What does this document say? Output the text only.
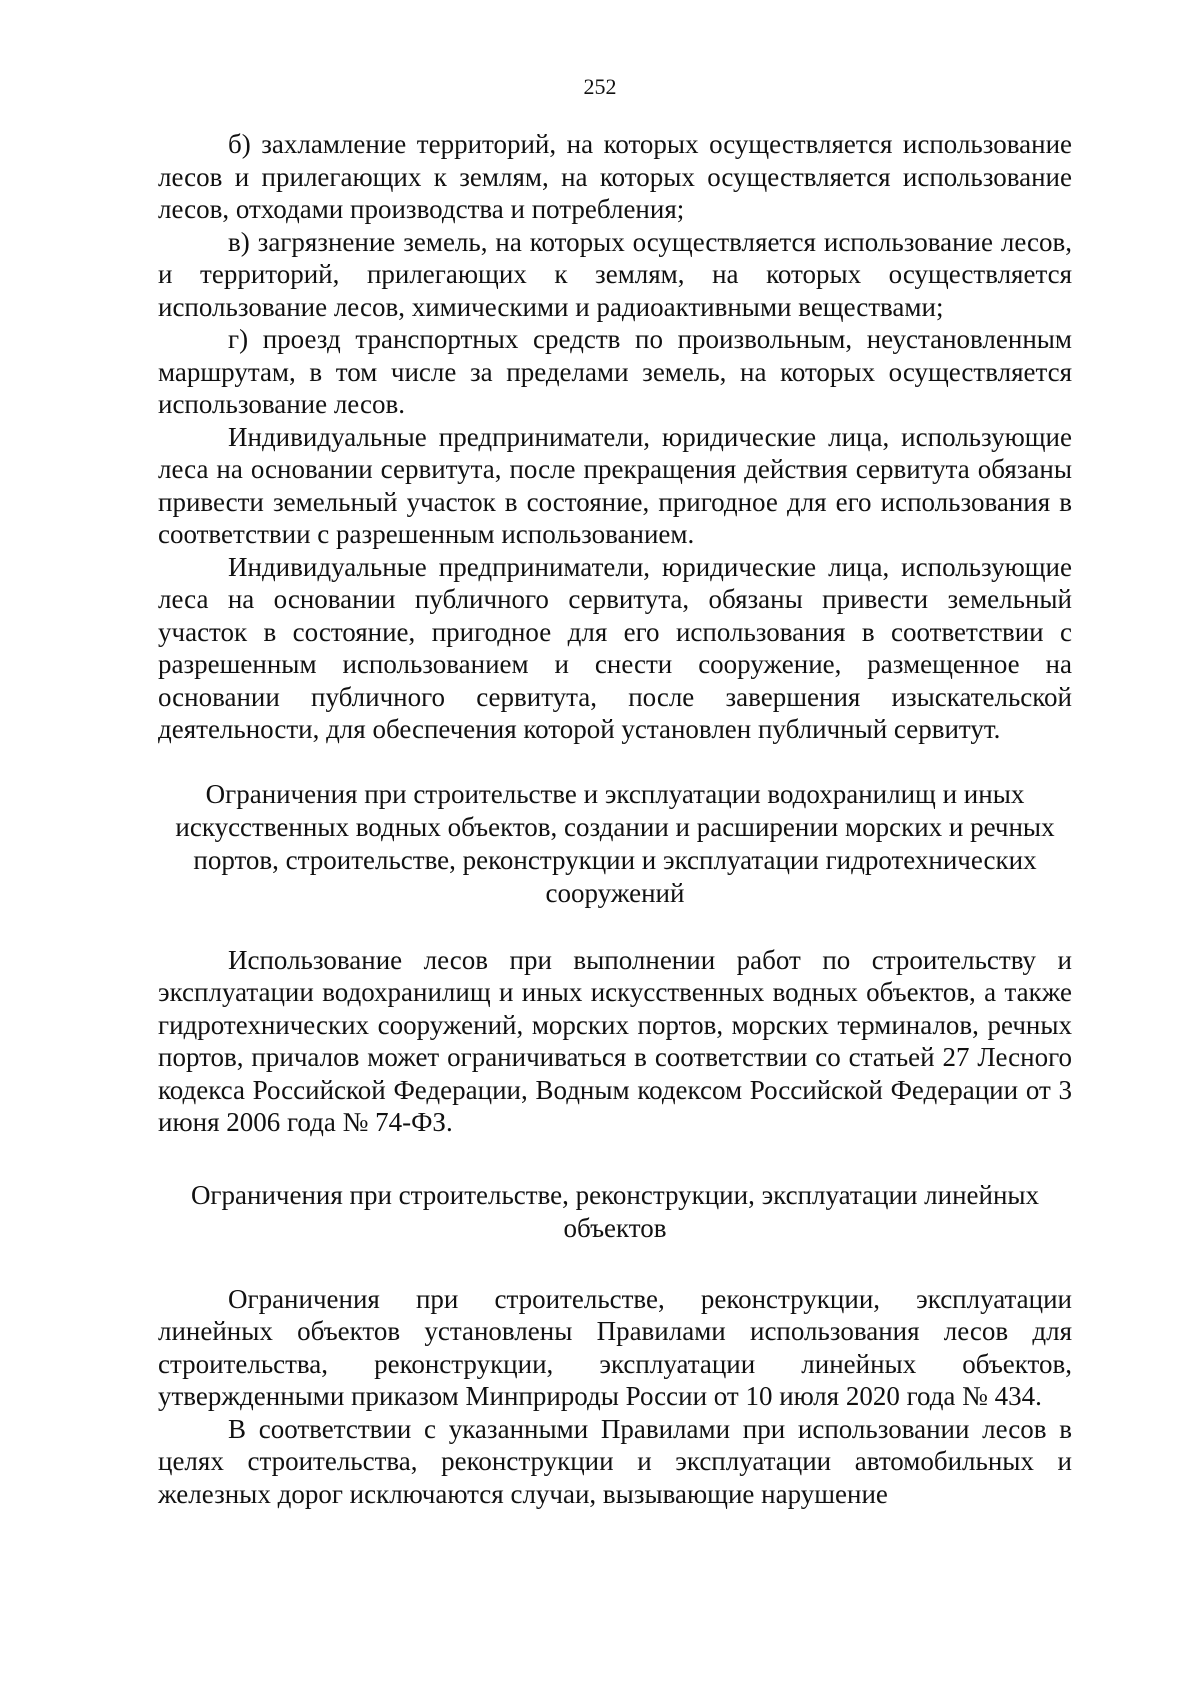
252

б) захламление территорий, на которых осуществляется использование лесов и прилегающих к землям, на которых осуществляется использование лесов, отходами производства и потребления;

в) загрязнение земель, на которых осуществляется использование лесов, и территорий, прилегающих к землям, на которых осуществляется использование лесов, химическими и радиоактивными веществами;

г) проезд транспортных средств по произвольным, неустановленным маршрутам, в том числе за пределами земель, на которых осуществляется использование лесов.

Индивидуальные предприниматели, юридические лица, использующие леса на основании сервитута, после прекращения действия сервитута обязаны привести земельный участок в состояние, пригодное для его использования в соответствии с разрешенным использованием.

Индивидуальные предприниматели, юридические лица, использующие леса на основании публичного сервитута, обязаны привести земельный участок в состояние, пригодное для его использования в соответствии с разрешенным использованием и снести сооружение, размещенное на основании публичного сервитута, после завершения изыскательской деятельности, для обеспечения которой установлен публичный сервитут.

Ограничения при строительстве и эксплуатации водохранилищ и иных искусственных водных объектов, создании и расширении морских и речных портов, строительстве, реконструкции и эксплуатации гидротехнических сооружений

Использование лесов при выполнении работ по строительству и эксплуатации водохранилищ и иных искусственных водных объектов, а также гидротехнических сооружений, морских портов, морских терминалов, речных портов, причалов может ограничиваться в соответствии со статьей 27 Лесного кодекса Российской Федерации, Водным кодексом Российской Федерации от 3 июня 2006 года № 74-ФЗ.

Ограничения при строительстве, реконструкции, эксплуатации линейных объектов

Ограничения при строительстве, реконструкции, эксплуатации линейных объектов установлены Правилами использования лесов для строительства, реконструкции, эксплуатации линейных объектов, утвержденными приказом Минприроды России от 10 июля 2020 года № 434.

В соответствии с указанными Правилами при использовании лесов в целях строительства, реконструкции и эксплуатации автомобильных и железных дорог исключаются случаи, вызывающие нарушение
